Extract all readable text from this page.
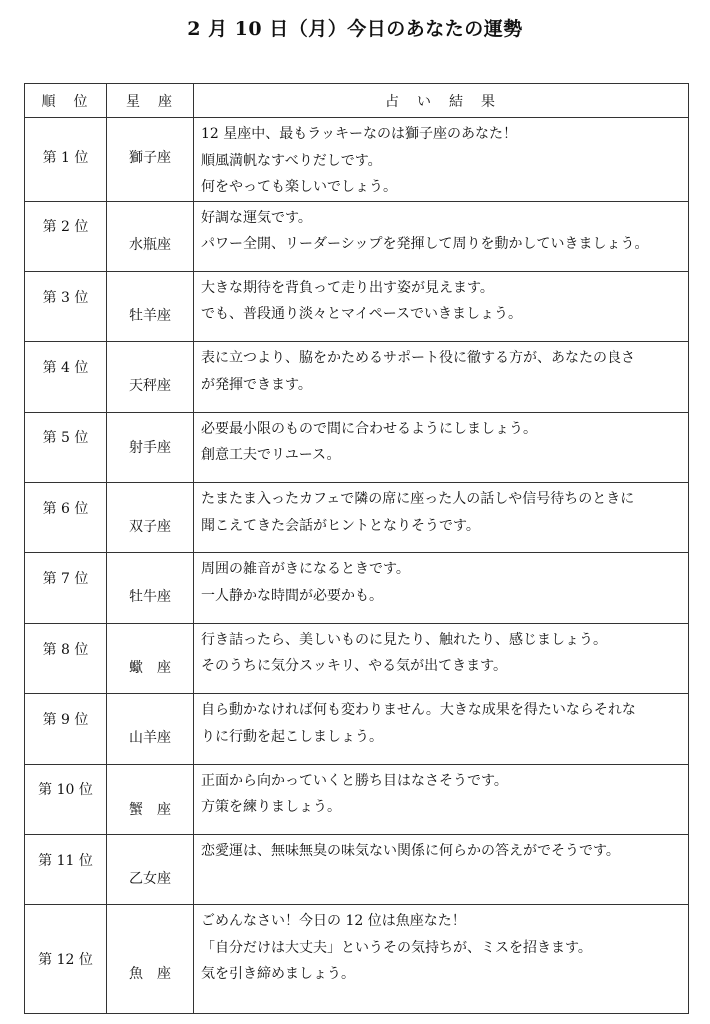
2 月 10 日（月）今日のあなたの運勢
順　位	星　座	占　い　結　果
第 1 位	獅子座	12 星座中、最もラッキーなのは獅子座のあなた！
順風満帆なすべりだしです。
何をやっても楽しいでしょう。

第 2 位	水瓶座	好調な運気です。
パワー全開、リーダーシップを発揮して周りを動かしていきましょう。

第 3 位	牡羊座	大きな期待を背負って走り出す姿が見えます。
でも、普段通り淡々とマイペースでいきましょう。

第 4 位	天秤座	表に立つより、脇をかためるサポート役に徹する方が、あなたの良さ
が発揮できます。

第 5 位	射手座	必要最小限のもので間に合わせるようにしましょう。
創意工夫でリユース。

第 6 位	双子座	たまたま入ったカフェで隣の席に座った人の話しや信号待ちのときに
聞こえてきた会話がヒントとなりそうです。

第 7 位	牡牛座	周囲の雑音がきになるときです。
一人静かな時間が必要かも。

第 8 位	蠍　座	行き詰ったら、美しいものに見たり、触れたり、感じましょう。
そのうちに気分スッキリ、やる気が出てきます。

第 9 位	山羊座	自ら動かなければ何も変わりません。大きな成果を得たいならそれな
りに行動を起こしましょう。

第 10 位	蟹　座	正面から向かっていくと勝ち目はなさそうです。
方策を練りましょう。

第 11 位	乙女座	恋愛運は、無味無臭の味気ない関係に何らかの答えがでそうです。

第 12 位	魚　座	ごめんなさい！今日の 12 位は魚座なた！
「自分だけは大丈夫」というその気持ちが、ミスを招きます。
気を引き締めましょう。
